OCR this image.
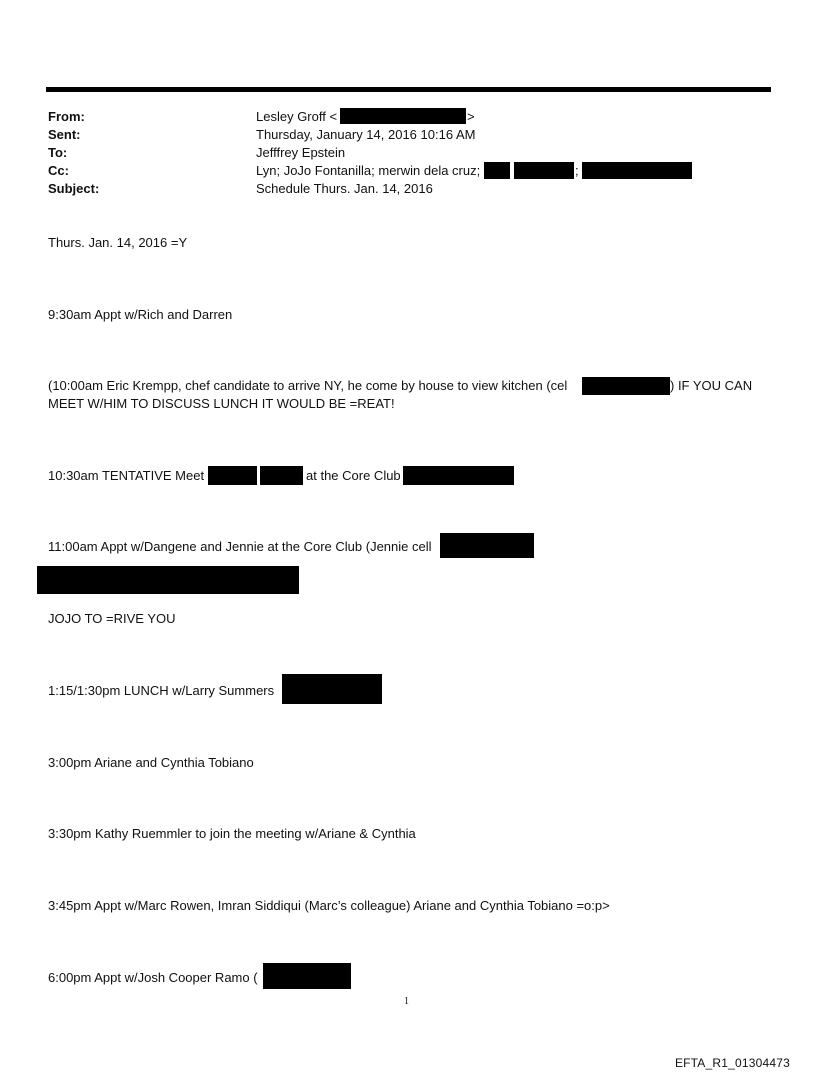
From:	Lesley Groff <	>
Sent:	Thursday, January 14, 2016 10:16 AM
To:	Jefffrey Epstein
Cc:	Lyn; JoJo Fontanilla; merwin dela cruz;	;
Subject:	Schedule Thurs. Jan. 14, 2016
Thurs. Jan. 14, 2016 =Y
9:30am Appt w/Rich and Darren
(10:00am Eric Krempp, chef candidate to arrive NY, he come by house to view kitchen (cel	) IF YOU CAN
MEET W/HIM TO DISCUSS LUNCH IT WOULD BE =REAT!
10:30am TENTATIVE Meet	at the Core Club
11:00am Appt w/Dangene and Jennie at the Core Club (Jennie cell
JOJO TO =RIVE YOU
1:15/1:30pm LUNCH w/Larry Summers
3:00pm Ariane and Cynthia Tobiano
3:30pm Kathy Ruemmler to join the meeting w/Ariane & Cynthia
3:45pm Appt w/Marc Rowen, Imran Siddiqui (Marc’s colleague) Ariane and Cynthia Tobiano =o:p>
6:00pm Appt w/Josh Cooper Ramo (
1
EFTA_R1_01304473
